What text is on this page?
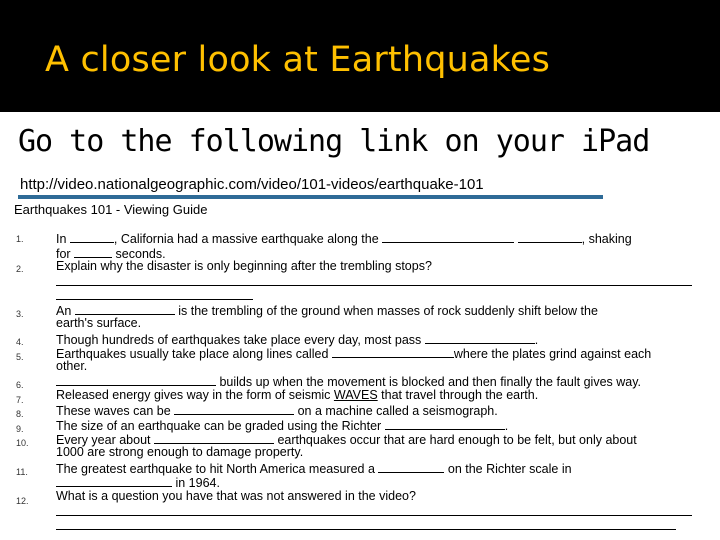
A closer look at Earthquakes
Go to the following link on your iPad
http://video.nationalgeographic.com/video/101-videos/earthquake-101
Earthquakes 101 - Viewing Guide
1.	In	, California had a massive earthquake along the	, shaking
for	seconds.
2.	Explain why the disaster is only beginning after the trembling stops?
3.	An	is the trembling of the ground when masses of rock suddenly shift below the
earth's surface.
4.	Though hundreds of earthquakes take place every day, most pass	.
5.	Earthquakes usually take place along lines called	where the plates grind against each
other.
6.	builds up when the movement is blocked and then finally the fault gives way.
7.	Released energy gives way in the form of seismic WAVES that travel through the earth.
8.	These waves can be	on a machine called a seismograph.
9.	The size of an earthquake can be graded using the Richter	.
10. Every year about	earthquakes occur that are hard enough to be felt, but only about
1000 are strong enough to damage property.
11. The greatest earthquake to hit North America measured a	on the Richter scale in
in 1964.
12. What is a question you have that was not answered in the video?
